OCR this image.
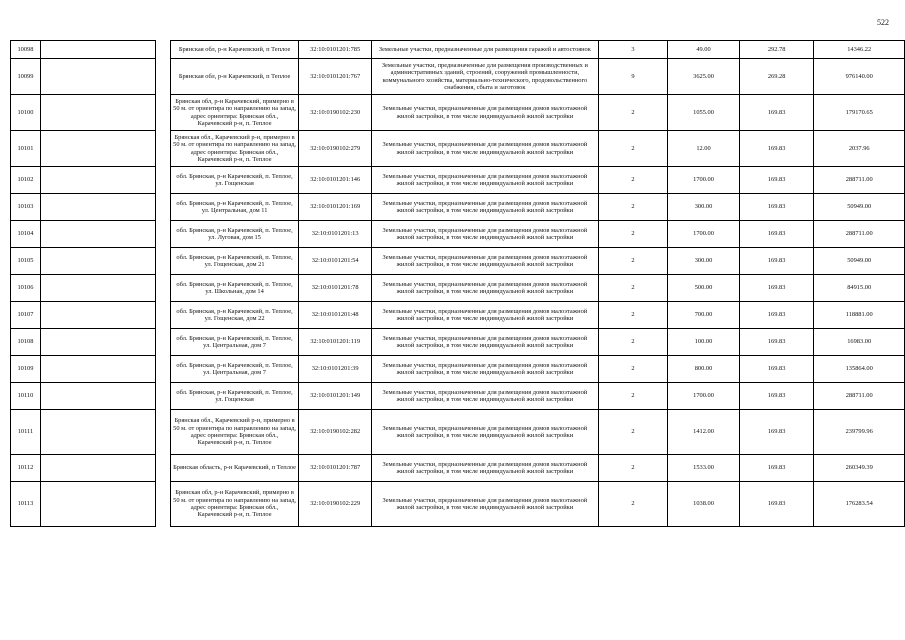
522
10098			Брянская обл, р-н Карачевский, п Теплое	32:10:0101201:785	Земельные участки, предназначенные для размещения гаражей и автостоянок	3	49.00	292.78	14346.22
10099			Брянская обл, р-н Карачевский, п Теплое	32:10:0101201:767	Земельные участки, предназначенные для размещения производственных и административных зданий, строений, сооружений промышленности, коммунального хозяйства, материально-технического, продовольственного снабжения, сбыта и заготовок	9	3625.00	269.28	976140.00
10100			Брянская обл, р-н Карачевский, примерно в 50 м. от ориентира по направлению на запад, адрес ориентира: Брянская обл., Карачевский р-н, п. Теплое	32:10:0190102:230	Земельные участки, предназначенные для размещения домов малоэтажной жилой застройки, в том числе индивидуальной жилой застройки	2	1055.00	169.83	179170.65
10101			Брянская обл., Карачевский р-н, примерно в 50 м. от ориентира по направлению на запад, адрес ориентира: Брянская обл., Карачевский р-н, п. Теплое	32:10:0190102:279	Земельные участки, предназначенные для размещения домов малоэтажной жилой застройки, в том числе индивидуальной жилой застройки	2	12.00	169.83	2037.96
10102			обл. Брянская, р-н Карачевский, п. Теплое, ул. Гощенская	32:10:0101201:146	Земельные участки, предназначенные для размещения домов малоэтажной жилой застройки, в том числе индивидуальной жилой застройки	2	1700.00	169.83	288711.00
10103			обл. Брянская, р-н Карачевский, п. Теплое, ул. Центральная, дом 11	32:10:0101201:169	Земельные участки, предназначенные для размещения домов малоэтажной жилой застройки, в том числе индивидуальной жилой застройки	2	300.00	169.83	50949.00
10104			обл. Брянская, р-н Карачевский, п. Теплое, ул. Луговая, дом 15	32:10:0101201:13	Земельные участки, предназначенные для размещения домов малоэтажной жилой застройки, в том числе индивидуальной жилой застройки	2	1700.00	169.83	288711.00
10105			обл. Брянская, р-н Карачевский, п. Теплое, ул. Гощенская, дом 21	32:10:0101201:54	Земельные участки, предназначенные для размещения домов малоэтажной жилой застройки, в том числе индивидуальной жилой застройки	2	300.00	169.83	50949.00
10106			обл. Брянская, р-н Карачевский, п. Теплое, ул. Школьная, дом 14	32:10:0101201:78	Земельные участки, предназначенные для размещения домов малоэтажной жилой застройки, в том числе индивидуальной жилой застройки	2	500.00	169.83	84915.00
10107			обл. Брянская, р-н Карачевский, п. Теплое, ул. Гощенская, дом 22	32:10:0101201:48	Земельные участки, предназначенные для размещения домов малоэтажной жилой застройки, в том числе индивидуальной жилой застройки	2	700.00	169.83	118881.00
10108			обл. Брянская, р-н Карачевский, п. Теплое, ул. Центральная, дом 7	32:10:0101201:119	Земельные участки, предназначенные для размещения домов малоэтажной жилой застройки, в том числе индивидуальной жилой застройки	2	100.00	169.83	16983.00
10109			обл. Брянская, р-н Карачевский, п. Теплое, ул. Центральная, дом 7	32:10:0101201:39	Земельные участки, предназначенные для размещения домов малоэтажной жилой застройки, в том числе индивидуальной жилой застройки	2	800.00	169.83	135864.00
10110			обл. Брянская, р-н Карачевский, п. Теплое, ул. Гощенская	32:10:0101201:149	Земельные участки, предназначенные для размещения домов малоэтажной жилой застройки, в том числе индивидуальной жилой застройки	2	1700.00	169.83	288711.00
10111			Брянская обл., Карачевский р-н, примерно в 50 м. от ориентира по направлению на запад, адрес ориентира: Брянская обл., Карачевский р-н, п. Теплое	32:10:0190102:282	Земельные участки, предназначенные для размещения домов малоэтажной жилой застройки, в том числе индивидуальной жилой застройки	2	1412.00	169.83	239799.96
10112			Брянская область, р-н Карачевский, п Теплое	32:10:0101201:787	Земельные участки, предназначенные для размещения домов малоэтажной жилой застройки, в том числе индивидуальной жилой застройки	2	1533.00	169.83	260349.39
10113			Брянская обл, р-н Карачевский, примерно в 50 м. от ориентира по направлению на запад, адрес ориентира: Брянская обл., Карачевский р-н, п. Теплое	32:10:0190102:229	Земельные участки, предназначенные для размещения домов малоэтажной жилой застройки, в том числе индивидуальной жилой застройки	2	1038.00	169.83	176283.54
